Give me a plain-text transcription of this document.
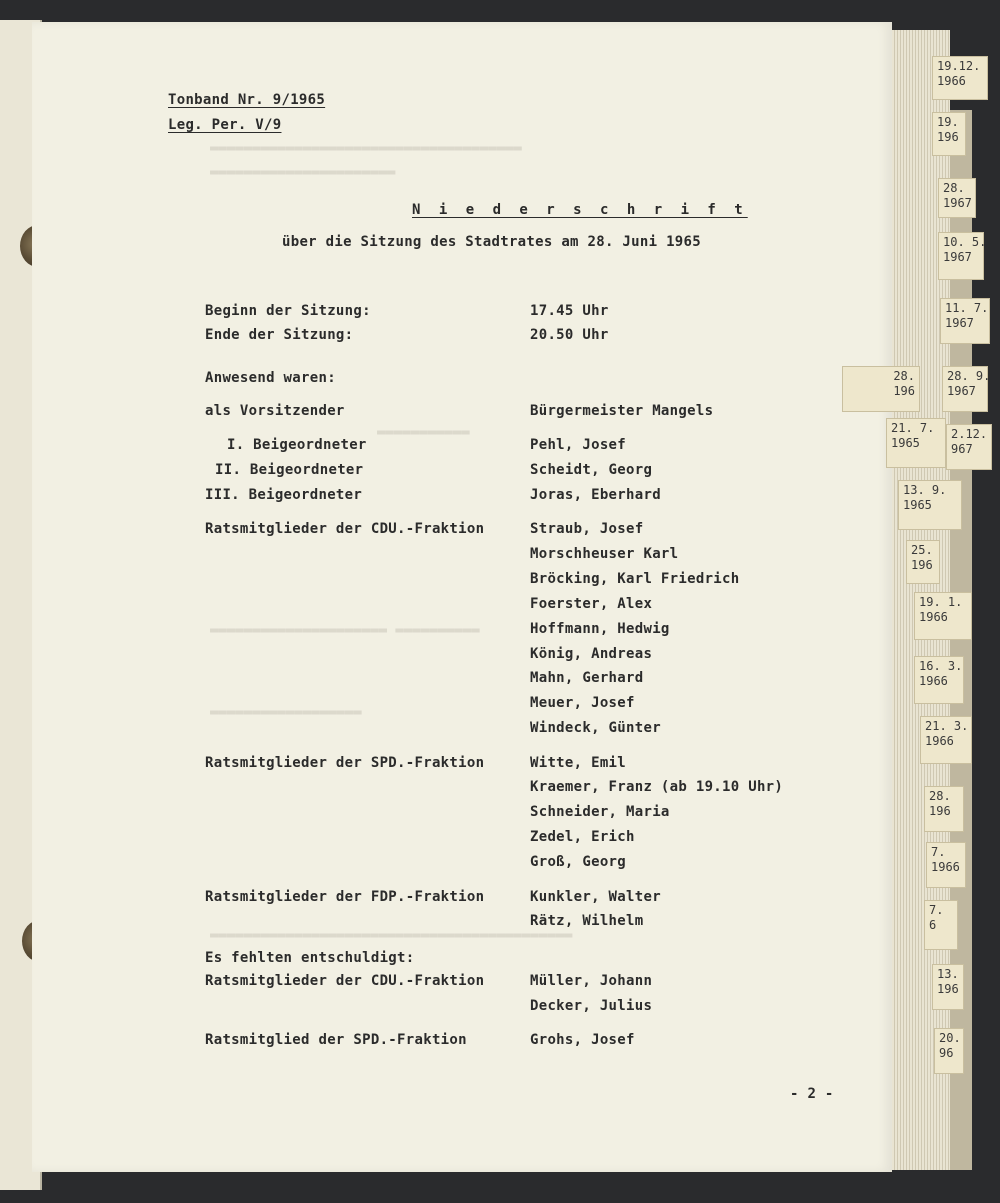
▬▬▬▬▬▬▬▬▬▬▬▬▬▬▬▬▬▬▬▬▬▬▬▬▬▬▬▬▬▬▬▬▬▬▬▬▬
▬▬▬▬▬▬▬▬▬▬▬▬▬▬▬▬▬▬▬▬▬▬
▬▬▬▬▬▬▬▬▬▬▬
▬▬▬▬▬▬▬▬▬▬▬▬▬▬▬▬▬▬▬▬▬ ▬▬▬▬▬▬▬▬▬▬
▬▬▬▬▬▬▬▬▬▬▬▬▬▬▬▬▬▬
▬▬▬▬▬▬▬▬▬▬▬▬▬▬▬▬▬▬▬▬▬▬▬▬▬▬▬▬▬▬▬▬▬▬▬▬▬▬▬▬▬▬▬
Tonband Nr. 9/1965
Leg. Per. V/9
N i e d e r s c h r i f t
über die Sitzung des Stadtrates am 28. Juni 1965
Beginn der Sitzung:	17.45 Uhr
Ende der Sitzung:	20.50 Uhr
Anwesend waren:
als Vorsitzender	Bürgermeister Mangels
I. Beigeordneter	Pehl, Josef
II. Beigeordneter	Scheidt, Georg
III. Beigeordneter	Joras, Eberhard
Ratsmitglieder der CDU.-Fraktion	Straub, Josef
Morschheuser Karl
Bröcking, Karl Friedrich
Foerster, Alex
Hoffmann, Hedwig
König, Andreas
Mahn, Gerhard
Meuer, Josef
Windeck, Günter
Ratsmitglieder der SPD.-Fraktion	Witte, Emil
Kraemer, Franz (ab 19.10 Uhr)
Schneider, Maria
Zedel, Erich
Groß, Georg
Ratsmitglieder der FDP.-Fraktion	Kunkler, Walter
Rätz, Wilhelm
Es fehlten entschuldigt:
Ratsmitglieder der CDU.-Fraktion	Müller, Johann
Decker, Julius
Ratsmitglied der SPD.-Fraktion	Grohs, Josef
- 2 -
19.12.
1966
19.
196
28.
1967
10. 5.
1967
11. 7.
1967
28.
196
28. 9.
1967
21. 7.
1965
2.12.
967
13. 9.
1965
25.
196
19. 1.
1966
16. 3.
1966
21. 3.
1966
28.
196
7.
1966
7.
6
13.
196
20.
96
